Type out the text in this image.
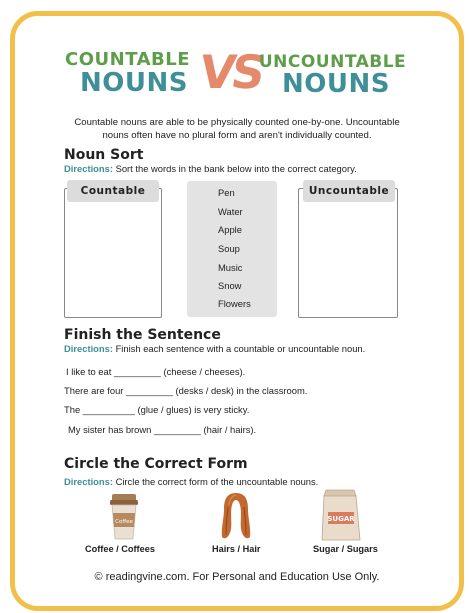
COUNTABLE
NOUNS VS
UNCOUNTABLE
NOUNS
Countable nouns are able to be physically counted one-by-one. Uncountable nouns often have no plural form and aren't individually counted.
Noun Sort
Directions: Sort the words in the bank below into the correct category.
Countable	Pen
Water
Apple
Soup
Music
Snow
Flowers
Uncountable
Finish the Sentence
Directions: Finish each sentence with a countable or uncountable noun.
I like to eat _________ (cheese / cheeses).
There are four _________ (desks / desk) in the classroom.
The __________ (glue / glues) is very sticky.
My sister has brown _________ (hair / hairs).
Circle the Correct Form
Directions: Circle the correct form of the uncountable nouns.
Coffee	SUGAR
Coffee / Coffees	Hairs / Hair	Sugar / Sugars
© readingvine.com. For Personal and Education Use Only.
